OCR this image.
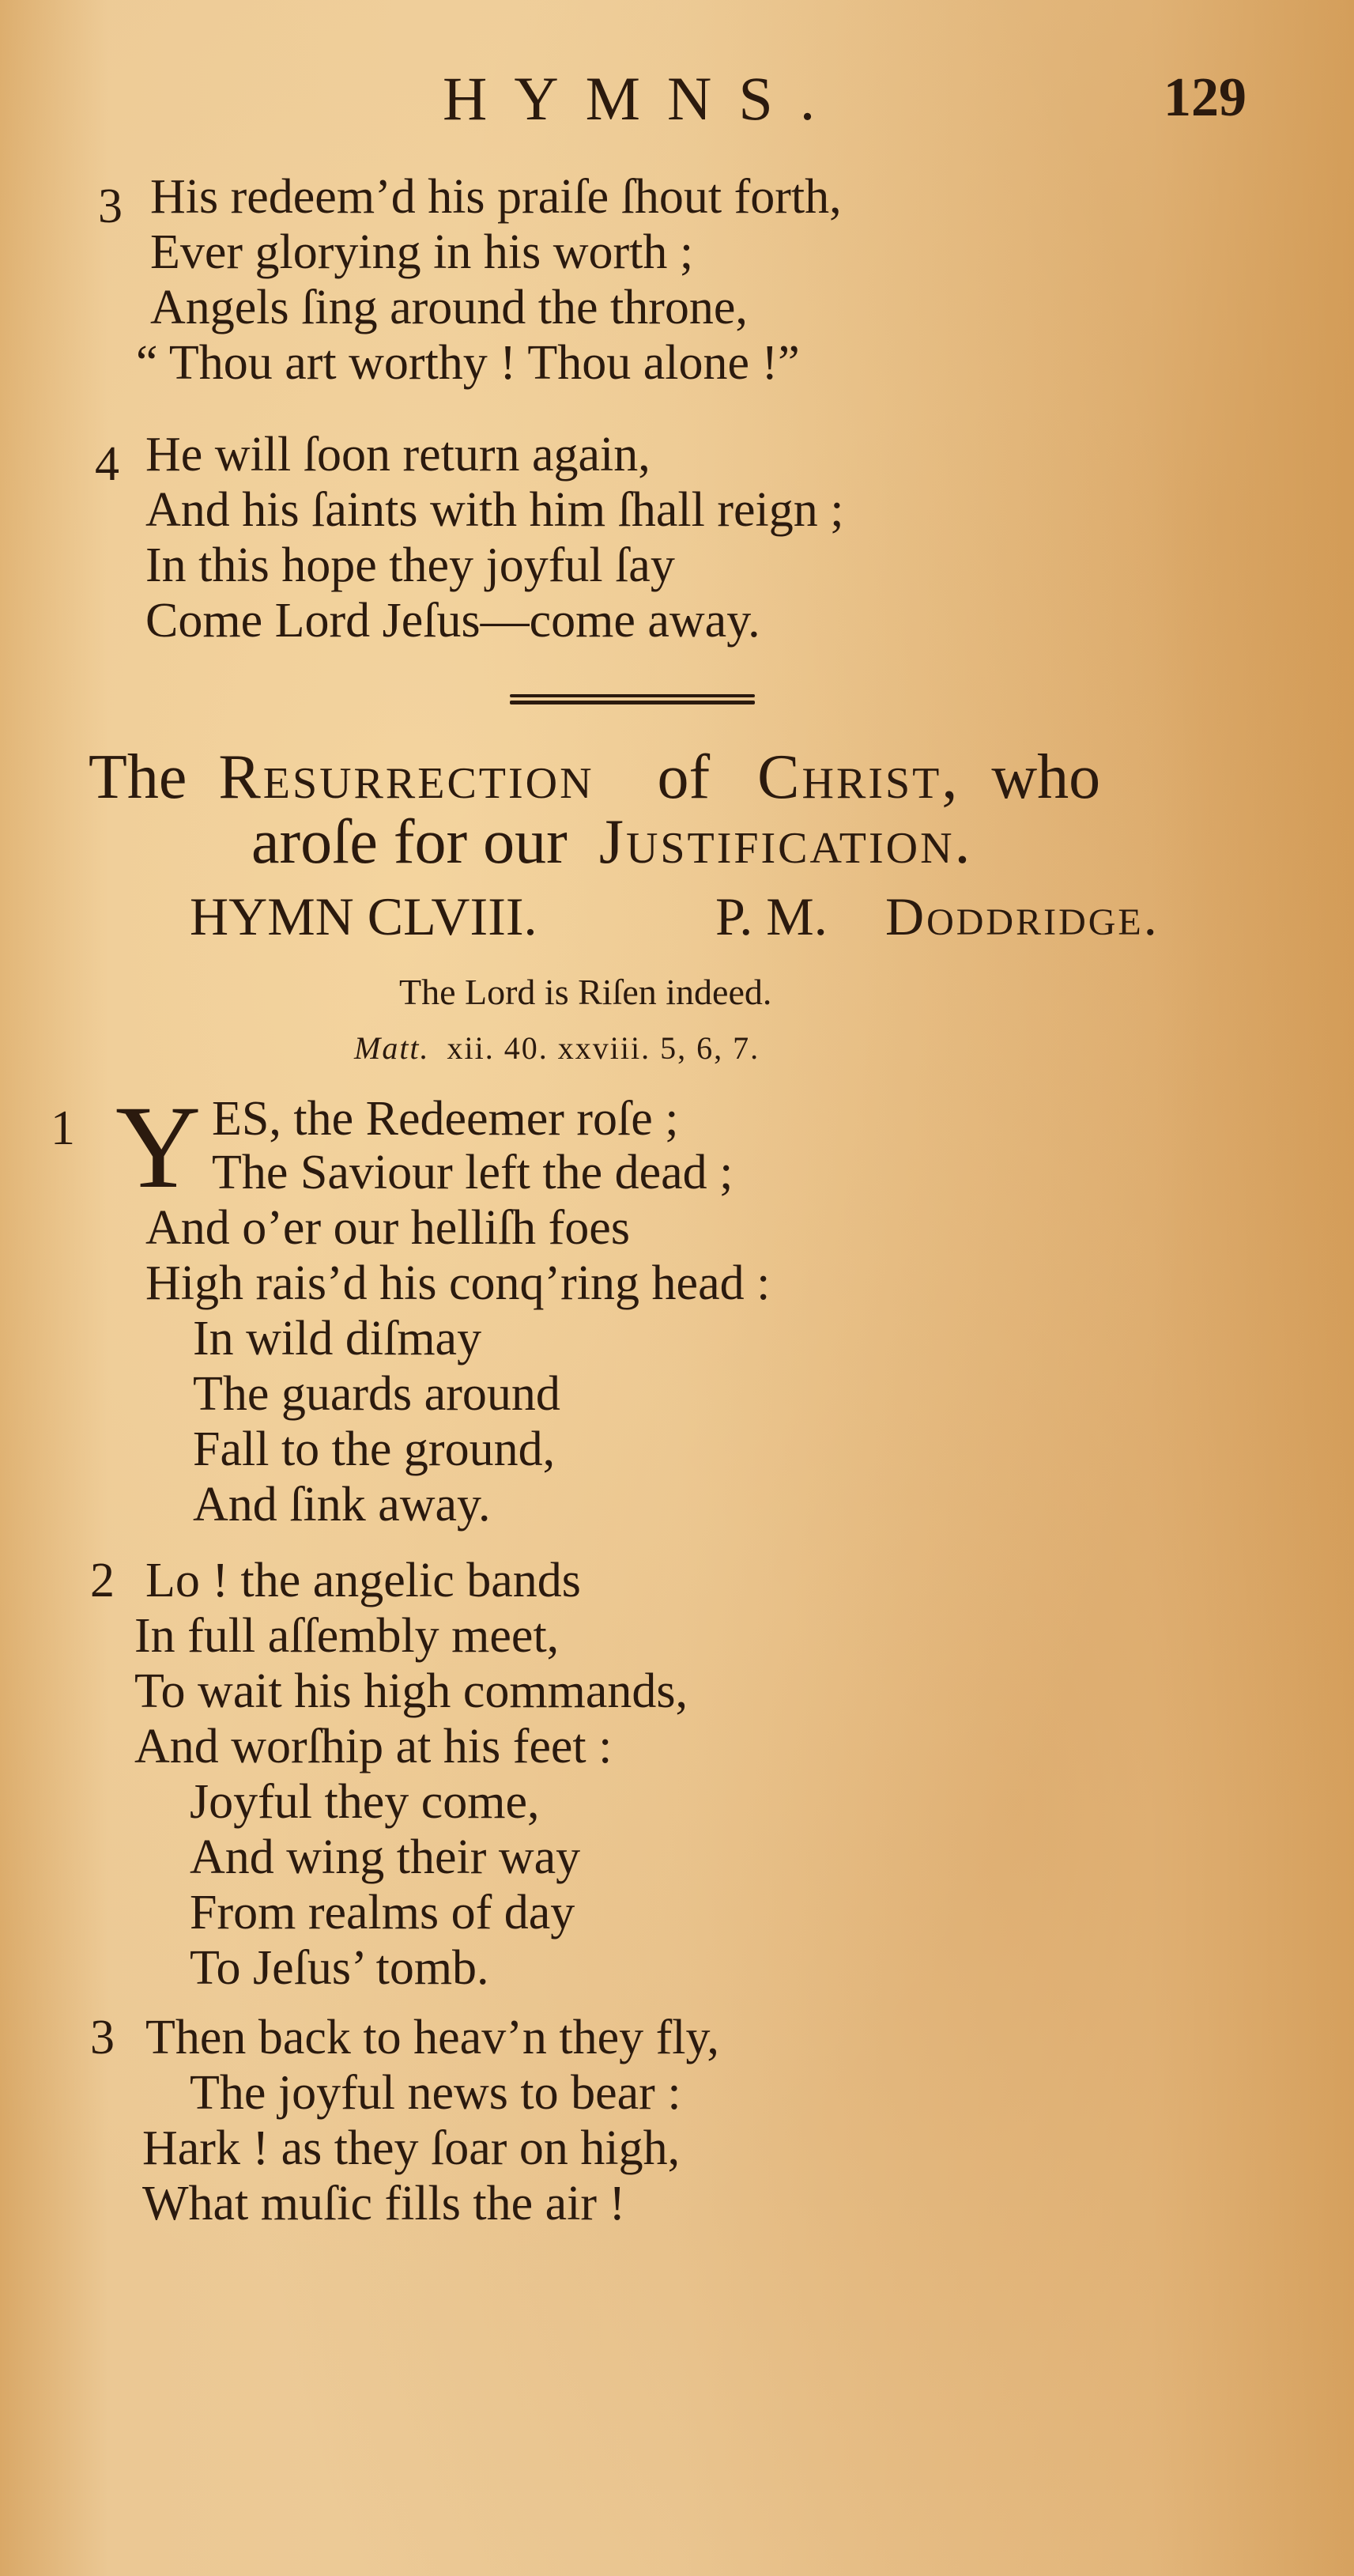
HYMNS.	129
3 His redeem’d his praiſe ſhout forth,
Ever glorying in his worth ;
Angels ſing around the throne,
“ Thou art worthy ! Thou alone !”
4 He will ſoon return again,
And his ſaints with him ſhall reign ;
In this hope they joyful ſay
Come Lord Jeſus—come away.
The Resurrection of Christ, who
aroſe for our Justification.
HYMN CLVIII.	P. M. Doddridge.
The Lord is Riſen indeed.
Matt. xii. 40. xxviii. 5, 6, 7.
1 Y ES, the Redeemer roſe ;
The Saviour left the dead ;
And o’er our helliſh foes
High rais’d his conq’ring head :
In wild diſmay
The guards around
Fall to the ground,
And ſink away.
2 Lo ! the angelic bands
In full aſſembly meet,
To wait his high commands,
And worſhip at his feet :
Joyful they come,
And wing their way
From realms of day
To Jeſus’ tomb.
3 Then back to heav’n they fly,
The joyful news to bear :
Hark ! as they ſoar on high,
What muſic fills the air !
